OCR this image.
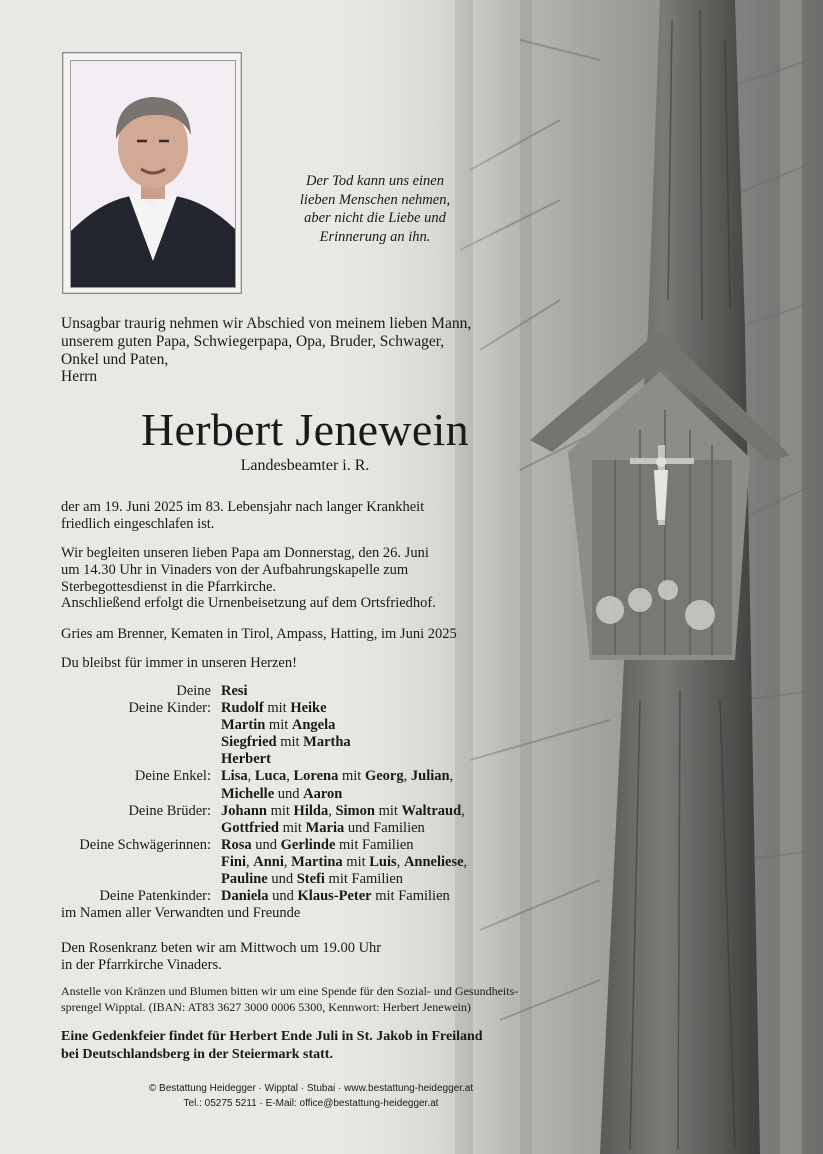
Der Tod kann uns einen
lieben Menschen nehmen,
aber nicht die Liebe und
Erinnerung an ihn.
Unsagbar traurig nehmen wir Abschied von meinem lieben Mann,
unserem guten Papa, Schwiegerpapa, Opa, Bruder, Schwager,
Onkel und Paten,
Herrn
Herbert Jenewein
Landesbeamter i. R.
der am 19. Juni 2025 im 83. Lebensjahr nach langer Krankheit
friedlich eingeschlafen ist.
Wir begleiten unseren lieben Papa am Donnerstag, den 26. Juni
um 14.30 Uhr in Vinaders von der Aufbahrungskapelle zum
Sterbegottesdienst in die Pfarrkirche.
Anschließend erfolgt die Urnenbeisetzung auf dem Ortsfriedhof.
Gries am Brenner, Kematen in Tirol, Ampass, Hatting, im Juni 2025
Du bleibst für immer in unseren Herzen!
Deine Resi
Deine Kinder: Rudolf mit Heike
Martin mit Angela
Siegfried mit Martha
Herbert
Deine Enkel: Lisa, Luca, Lorena mit Georg, Julian,
Michelle und Aaron
Deine Brüder: Johann mit Hilda, Simon mit Waltraud,
Gottfried mit Maria und Familien
Deine Schwägerinnen: Rosa und Gerlinde mit Familien
Fini, Anni, Martina mit Luis, Anneliese,
Pauline und Stefi mit Familien
Deine Patenkinder: Daniela und Klaus-Peter mit Familien
im Namen aller Verwandten und Freunde
Den Rosenkranz beten wir am Mittwoch um 19.00 Uhr
in der Pfarrkirche Vinaders.
Anstelle von Kränzen und Blumen bitten wir um eine Spende für den Sozial- und Gesundheits-
sprengel Wipptal. (IBAN: AT83 3627 3000 0006 5300, Kennwort: Herbert Jenewein)
Eine Gedenkfeier findet für Herbert Ende Juli in St. Jakob in Freiland
bei Deutschlandsberg in der Steiermark statt.
© Bestattung Heidegger · Wipptal · Stubai · www.bestattung-heidegger.at
Tel.: 05275 5211 · E-Mail: office@bestattung-heidegger.at
